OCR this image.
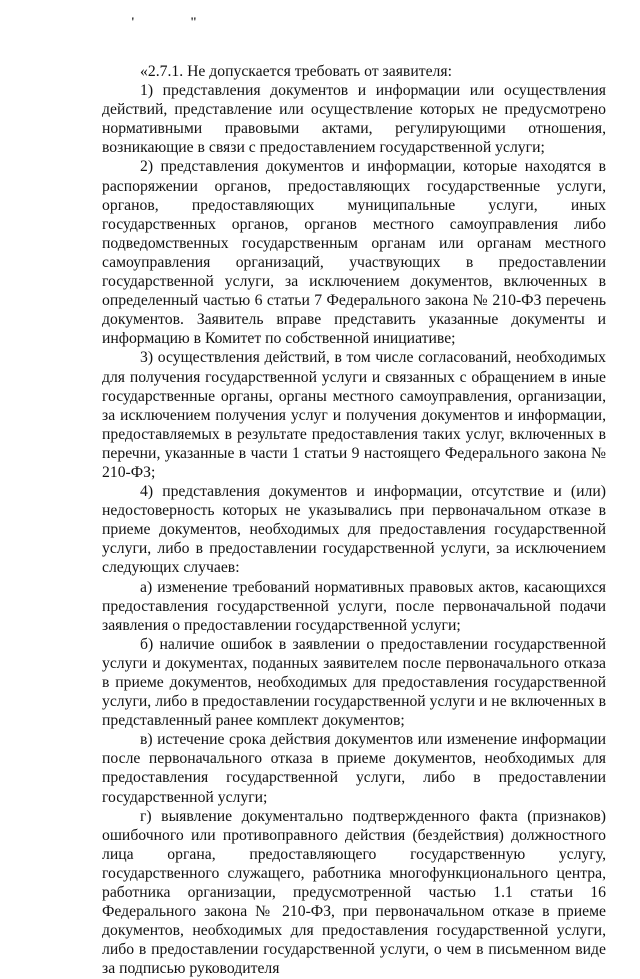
' "

«2.7.1. Не допускается требовать от заявителя:

1) представления документов и информации или осуществления действий, представление или осуществление которых не предусмотрено нормативными правовыми актами, регулирующими отношения, возникающие в связи с предоставлением государственной услуги;

2) представления документов и информации, которые находятся в распоряжении органов, предоставляющих государственные услуги, органов, предоставляющих муниципальные услуги, иных государственных органов, органов местного самоуправления либо подведомственных государственным органам или органам местного самоуправления организаций, участвующих в предоставлении государственной услуги, за исключением документов, включенных в определенный частью 6 статьи 7 Федерального закона № 210-ФЗ перечень документов. Заявитель вправе представить указанные документы и информацию в Комитет по собственной инициативе;

3) осуществления действий, в том числе согласований, необходимых для получения государственной услуги и связанных с обращением в иные государственные органы, органы местного самоуправления, организации, за исключением получения услуг и получения документов и информации, предоставляемых в результате предоставления таких услуг, включенных в перечни, указанные в части 1 статьи 9 настоящего Федерального закона № 210-ФЗ;

4) представления документов и информации, отсутствие и (или) недостоверность которых не указывались при первоначальном отказе в приеме документов, необходимых для предоставления государственной услуги, либо в предоставлении государственной услуги, за исключением следующих случаев:

а) изменение требований нормативных правовых актов, касающихся предоставления государственной услуги, после первоначальной подачи заявления о предоставлении государственной услуги;

б) наличие ошибок в заявлении о предоставлении государственной услуги и документах, поданных заявителем после первоначального отказа в приеме документов, необходимых для предоставления государственной услуги, либо в предоставлении государственной услуги и не включенных в представленный ранее комплект документов;

в) истечение срока действия документов или изменение информации после первоначального отказа в приеме документов, необходимых для предоставления государственной услуги, либо в предоставлении государственной услуги;

г) выявление документально подтвержденного факта (признаков) ошибочного или противоправного действия (бездействия) должностного лица органа, предоставляющего государственную услугу, государственного служащего, работника многофункционального центра, работника организации, предусмотренной частью 1.1 статьи 16 Федерального закона № 210-ФЗ, при первоначальном отказе в приеме документов, необходимых для предоставления государственной услуги, либо в предоставлении государственной услуги, о чем в письменном виде за подписью руководителя
